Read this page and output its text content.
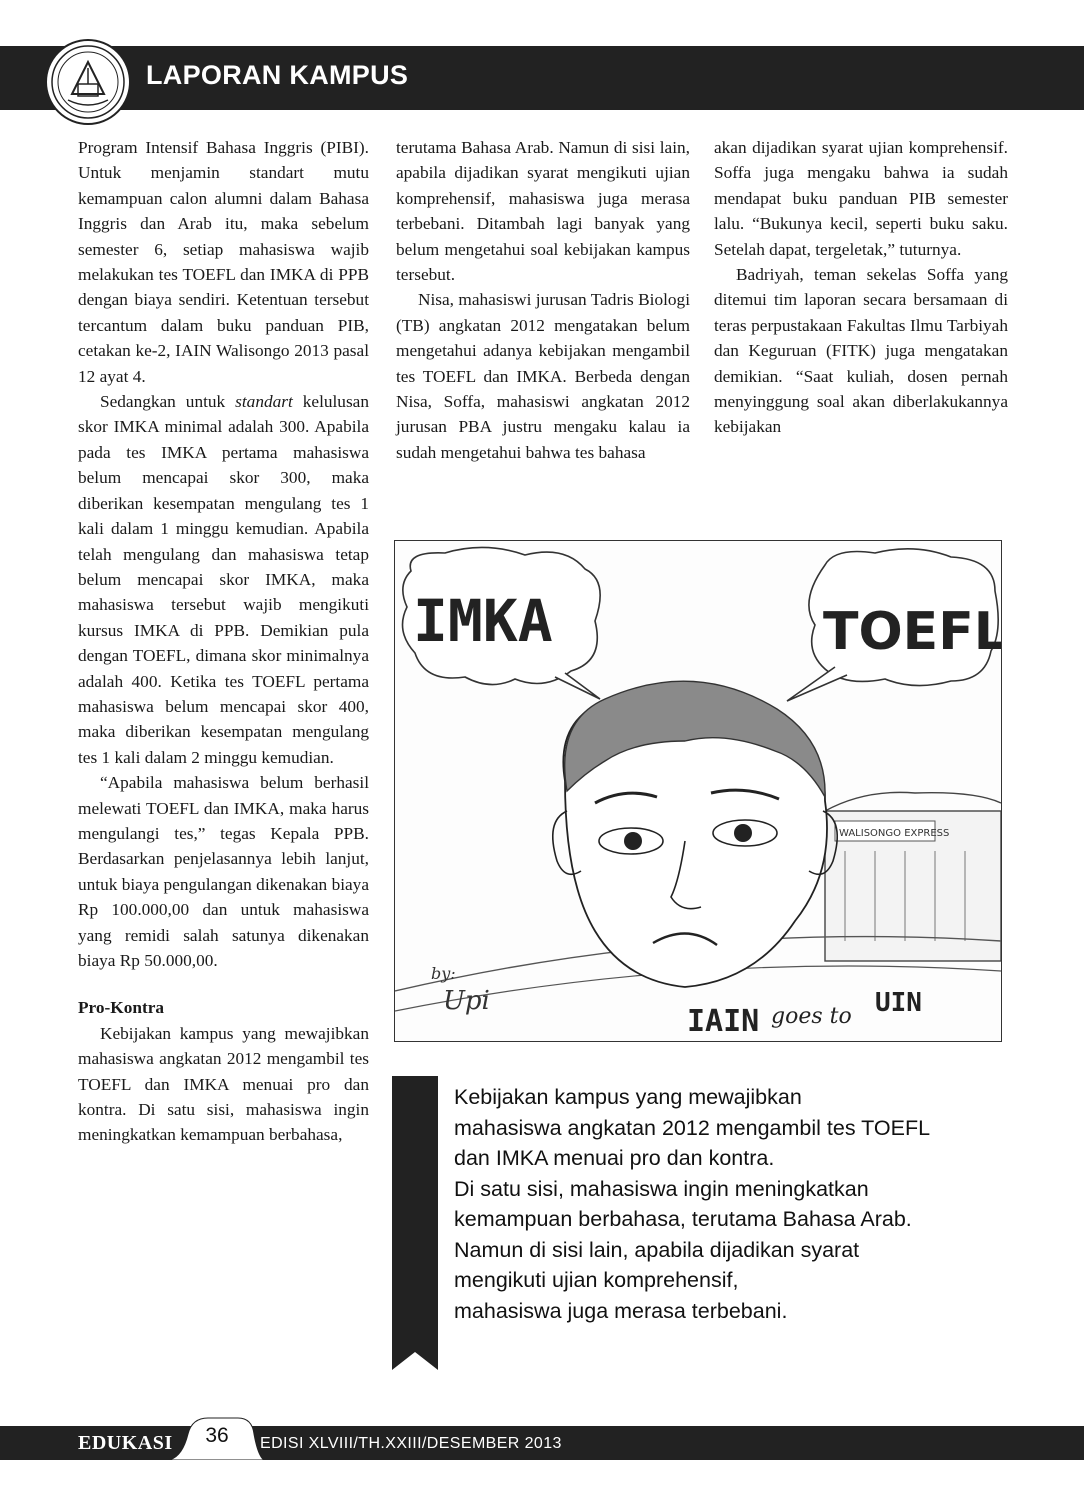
LAPORAN KAMPUS

Program Intensif Bahasa Inggris (PIBI). Untuk menjamin standart mutu kemampuan calon alumni dalam Bahasa Inggris dan Arab itu, maka sebelum semester 6, setiap mahasiswa wajib melakukan tes TOEFL dan IMKA di PPB dengan biaya sendiri. Ketentuan tersebut tercantum dalam buku panduan PIB, cetakan ke-2, IAIN Walisongo 2013 pasal 12 ayat 4.

Sedangkan untuk standart kelulusan skor IMKA minimal adalah 300. Apabila pada tes IMKA pertama mahasiswa belum mencapai skor 300, maka diberikan kesempatan mengulang tes 1 kali dalam 1 minggu kemudian. Apabila telah mengulang dan mahasiswa tetap belum mencapai skor IMKA, maka mahasiswa tersebut wajib mengikuti kursus IMKA di PPB. Demikian pula dengan TOEFL, dimana skor minimalnya adalah 400. Ketika tes TOEFL pertama mahasiswa belum mencapai skor 400, maka diberikan kesempatan mengulang tes 1 kali dalam 2 minggu kemudian.

“Apabila mahasiswa belum berhasil melewati TOEFL dan IMKA, maka harus mengulangi tes,” tegas Kepala PPB. Berdasarkan penjelasannya lebih lanjut, untuk biaya pengulangan dikenakan biaya Rp 100.000,00 dan untuk mahasiswa yang remidi salah satunya dikenakan biaya Rp 50.000,00.

Pro-Kontra

Kebijakan kampus yang mewajibkan mahasiswa angkatan 2012 mengambil tes TOEFL dan IMKA menuai pro dan kontra. Di satu sisi, mahasiswa ingin meningkatkan kemampuan berbahasa,

terutama Bahasa Arab. Namun di sisi lain, apabila dijadikan syarat mengikuti ujian komprehensif, mahasiswa juga merasa terbebani. Ditambah lagi banyak yang belum mengetahui soal kebijakan kampus tersebut.

Nisa, mahasiswi jurusan Tadris Biologi (TB) angkatan 2012 mengatakan belum mengetahui adanya kebijakan mengambil tes TOEFL dan IMKA. Berbeda dengan Nisa, Soffa, mahasiswi angkatan 2012 jurusan PBA justru mengaku kalau ia sudah mengetahui bahwa tes bahasa

akan dijadikan syarat ujian komprehensif. Soffa juga mengaku bahwa ia sudah mendapat buku panduan PIB semester lalu. “Bukunya kecil, seperti buku saku. Setelah dapat, tergeletak,” tuturnya.

Badriyah, teman sekelas Soffa yang ditemui tim laporan secara bersamaan di teras perpustakaan Fakultas Ilmu Tarbiyah dan Keguruan (FITK) juga mengatakan demikian. “Saat kuliah, dosen pernah menyinggung soal akan diberlakukannya kebijakan

IMKA	TOEFL
WALISONGO EXPRESS
by:
Upi
IAIN goes to UIN

Kebijakan kampus yang mewajibkan

mahasiswa angkatan 2012 mengambil tes TOEFL

dan IMKA menuai pro dan kontra.

Di satu sisi, mahasiswa ingin meningkatkan

kemampuan berbahasa, terutama Bahasa Arab.

Namun di sisi lain, apabila dijadikan syarat

mengikuti ujian komprehensif,

mahasiswa juga merasa terbebani.

EDUKASI 36	EDISI XLVIII/TH.XXIII/DESEMBER 2013
